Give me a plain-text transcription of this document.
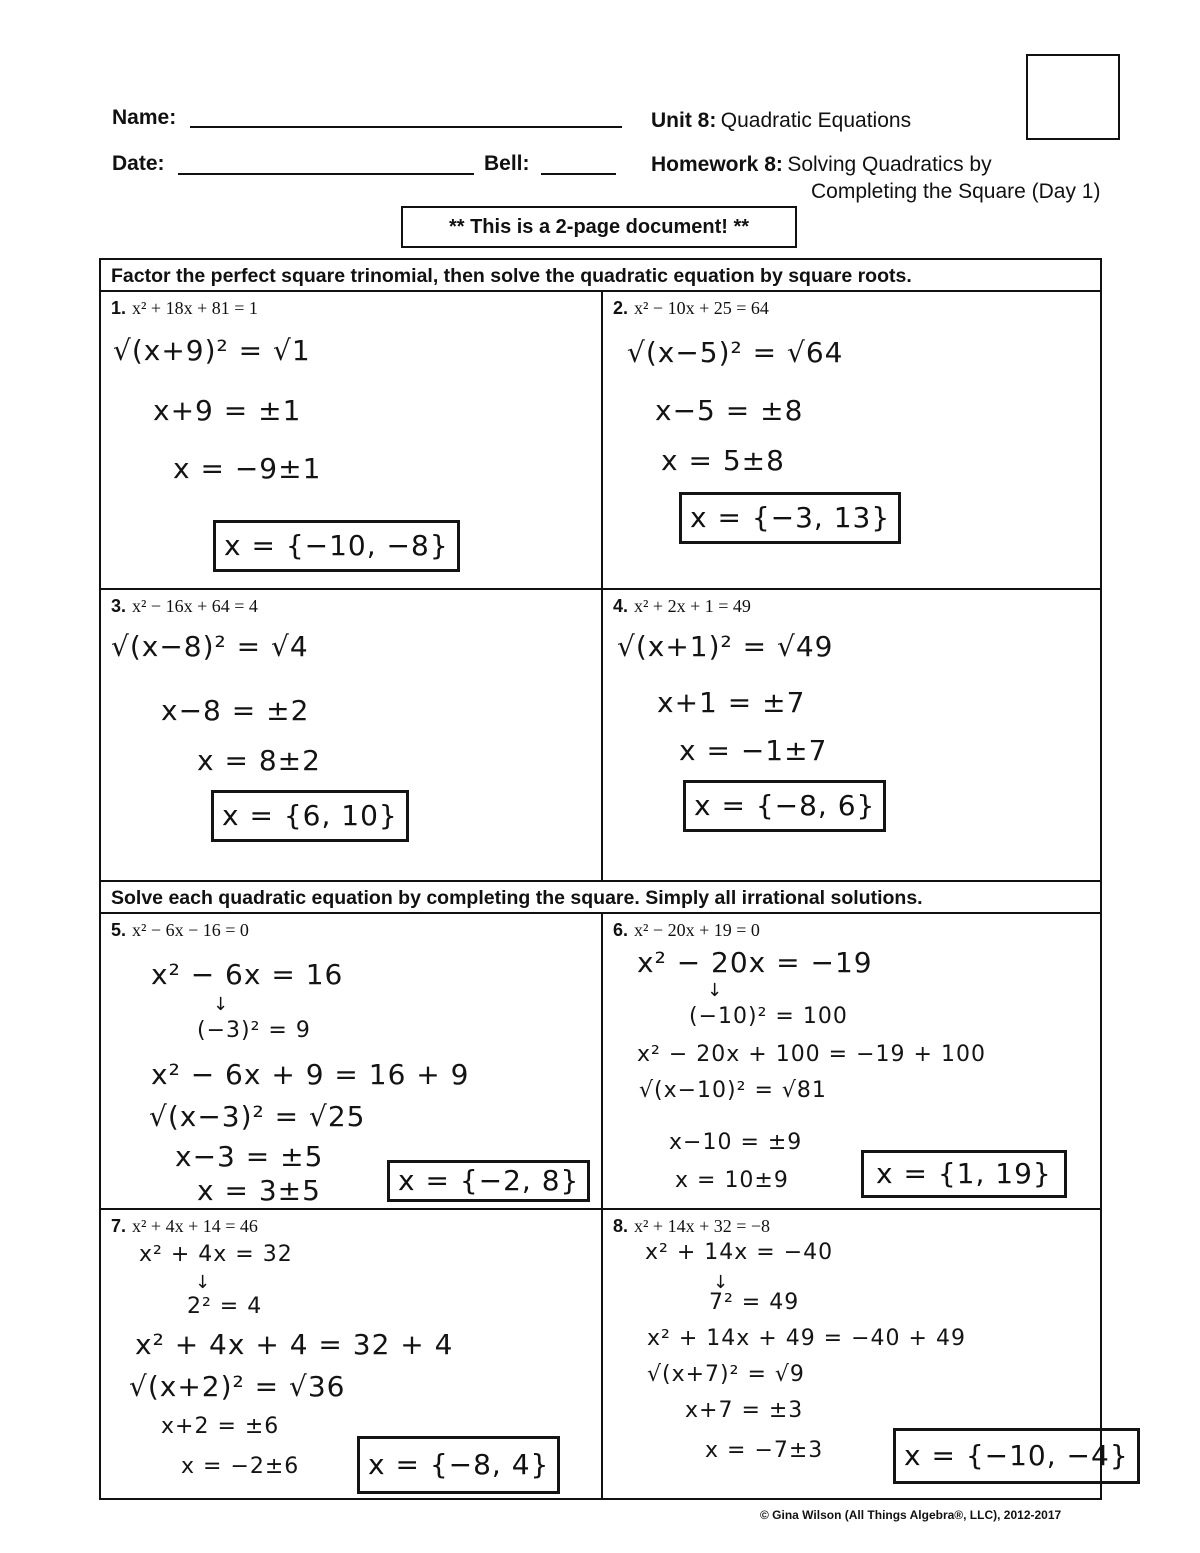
Name:
Date:	Bell:
Unit 8: Quadratic Equations
Homework 8: Solving Quadratics by
Completing the Square (Day 1)
** This is a 2-page document! **
Factor the perfect square trinomial, then solve the quadratic equation by square roots.
Solve each quadratic equation by completing the square. Simply all irrational solutions.
1. x² + 18x + 81 = 1
√(x+9)² = √1
x+9 = ±1
x = −9±1
x = {−10, −8}
2. x² − 10x + 25 = 64
√(x−5)² = √64
x−5 = ±8
x = 5±8
x = {−3, 13}
3. x² − 16x + 64 = 4
√(x−8)² = √4
x−8 = ±2
x = 8±2
x = {6, 10}
4. x² + 2x + 1 = 49
√(x+1)² = √49
x+1 = ±7
x = −1±7
x = {−8, 6}
5. x² − 6x − 16 = 0
x² − 6x = 16
↓
(−3)² = 9
x² − 6x + 9 = 16 + 9
√(x−3)² = √25
x−3 = ±5
x = 3±5	x = {−2, 8}
6. x² − 20x + 19 = 0
x² − 20x = −19
↓
(−10)² = 100
x² − 20x + 100 = −19 + 100
√(x−10)² = √81
x−10 = ±9
x = 10±9	x = {1, 19}
7. x² + 4x + 14 = 46
x² + 4x = 32
↓
2² = 4
x² + 4x + 4 = 32 + 4
√(x+2)² = √36
x+2 = ±6
x = −2±6	x = {−8, 4}
8. x² + 14x + 32 = −8
x² + 14x = −40
↓
7² = 49
x² + 14x + 49 = −40 + 49
√(x+7)² = √9
x+7 = ±3
x = −7±3	x = {−10, −4}
© Gina Wilson (All Things Algebra®, LLC), 2012-2017
